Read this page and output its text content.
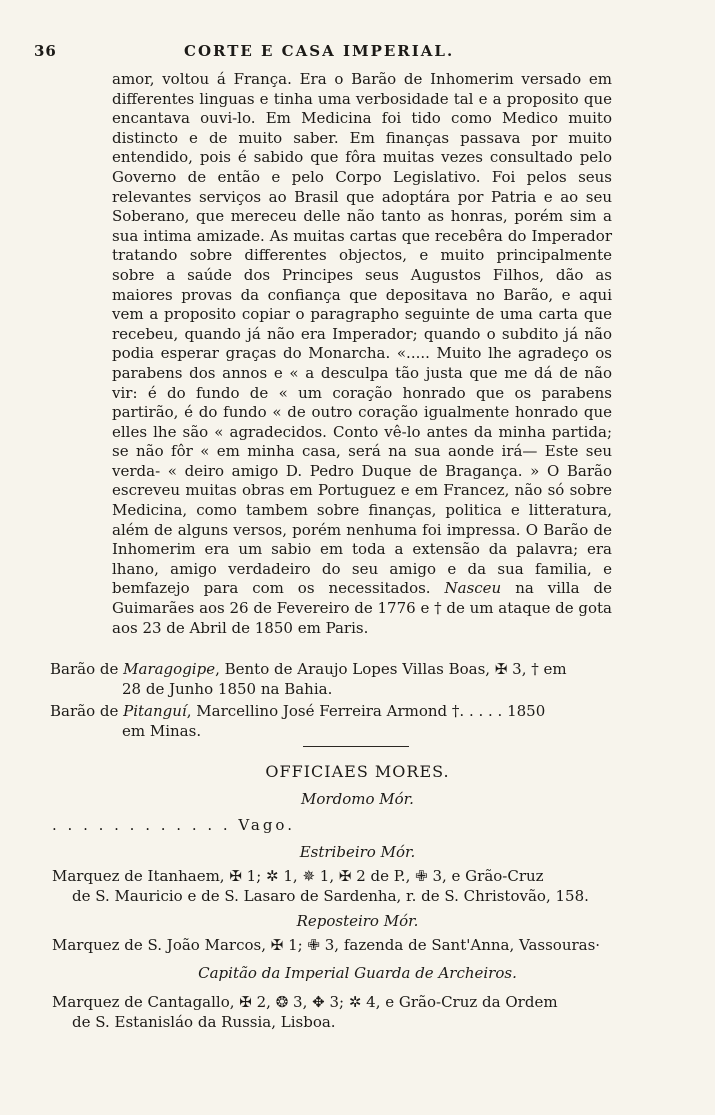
36	CORTE E CASA IMPERIAL.

amor, voltou á França. Era o Barão de Inhomerim versado em differentes linguas e tinha uma verbosidade tal e a proposito que encantava ouvi-lo. Em Medicina foi tido como Medico muito distincto e de muito saber. Em finanças passava por muito entendido, pois é sabido que fôra muitas vezes consultado pelo Governo de então e pelo Corpo Legislativo. Foi pelos seus relevantes serviços ao Brasil que adoptára por Patria e ao seu Soberano, que mereceu delle não tanto as honras, porém sim a sua intima amizade. As muitas cartas que recebêra do Imperador tratando sobre differentes objectos, e muito principalmente sobre a saúde dos Principes seus Augustos Filhos, dão as maiores provas da confiança que depositava no Barão, e aqui vem a proposito copiar o paragrapho seguinte de uma carta que recebeu, quando já não era Imperador; quando o subdito já não podia esperar graças do Monarcha. «..... Muito lhe agradeço os parabens dos annos e « a desculpa tão justa que me dá de não vir: é do fundo de « um coração honrado que os parabens partirão, é do fundo « de outro coração igualmente honrado que elles lhe são « agradecidos. Conto vê-lo antes da minha partida; se não fôr « em minha casa, será na sua aonde irá— Este seu verda- « deiro amigo D. Pedro Duque de Bragança. » O Barão escreveu muitas obras em Portuguez e em Francez, não só sobre Medicina, como tambem sobre finanças, politica e litteratura, além de alguns versos, porém nenhuma foi impressa. O Barão de Inhomerim era um sabio em toda a extensão da palavra; era lhano, amigo verdadeiro do seu amigo e da sua familia, e bemfazejo para com os necessitados. Nasceu na villa de Guimarães aos 26 de Fevereiro de 1776 e † de um ataque de gota aos 23 de Abril de 1850 em Paris.

Barão de Maragogipe, Bento de Araujo Lopes Villas Boas, ✠ 3, † em
28 de Junho 1850 na Bahia.
Barão de Pitanguí, Marcellino José Ferreira Armond †. . . . . 1850
em Minas.
OFFICIAES MORES.
Mordomo Mór.
. . . . . . . . . . . . Vago.
Estribeiro Mór.
Marquez de Itanhaem, ✠ 1; ✲ 1, ✵ 1, ✠ 2 de P., ✙ 3, e Grão-Cruz
de S. Mauricio e de S. Lasaro de Sardenha, r. de S. Christovão, 158.
Reposteiro Mór.
Marquez de S. João Marcos, ✠ 1; ✙ 3, fazenda de Sant'Anna, Vassouras·
Capitão da Imperial Guarda de Archeiros.
Marquez de Cantagallo, ✠ 2, ❂ 3, ✥ 3; ✲ 4, e Grão-Cruz da Ordem
de S. Estanisláo da Russia, Lisboa.
